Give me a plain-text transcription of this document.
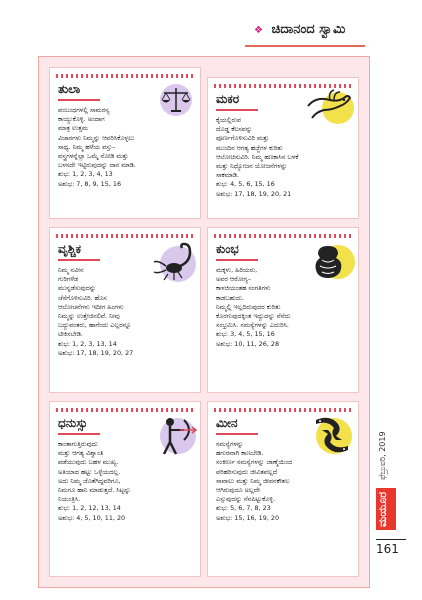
❖ ಚಿದಾನಂದ ಸ್ವಾಮಿ
ತುಲಾ

ಪಂಬಂಧಗಳಲ್ಲಿ ಸಾಮರಸ್ಯ

ಕಾಯ್ದುಕೊಳ್ಳಿ. ಅಂದಾಗ

ಮಾತ್ರ ಉತ್ತಮ

ವಿಚಾರಗಳು ನಿಮ್ಮನ್ನು ಆವರಿಸಿಕೊಳ್ಳಲು

ಸಾಧ್ಯ. ನಿಮ್ಮ ಹಳೆಯ ವಸ್ತು–

ವಸ್ತ್ರಗಳನ್ನೆಲ್ಲಾ ಒಮ್ಮೆ ನೋಡಿ ಮತ್ತು

ಬಳಸದೇ ಇಟ್ಟಿರುವುದನ್ನು ದಾನ ಮಾಡಿ.

ಶುಭ: 1, 2, 3, 4, 13

ಅಶುಭ: 7, 8, 9, 15, 16

ಮಕರ

ಕೈಯಲ್ಲಿರುವ

ದೊಡ್ಡ ಕೆಲಸವನ್ನು

ಪೂರ್ಣಗೊಳಿಸುವಿರಿ ಮತ್ತು

ಮುಂದಿನ ಆಗತ್ಯ ಹಜ್ಜೆಗಳ ಕುರಿತು

ಆಲೋಚಿಸುವಿರಿ. ನಿಮ್ಮ ಹಣಕಾಸಿನ ಬಳಕೆ

ಮತ್ತು ನಿಧ್ಯೋಜನ ಯೋಜನೆಗಳನ್ನು

ಸಾಕಮಾಡಿ.

ಶುಭ: 4, 5, 6, 15, 16

ಅಶುಭ: 17, 18, 19, 20, 21

ವೃಶ್ಚಿಕ

ನಿಮ್ಮ ನವೀನ

ಗುರಿಗಳೆಡ

ಮುನ್ನಡೆಸುವುದನ್ನು

ಚೆಸೆಗೊಳಿಸುವಿರಿ. ಹೊಸ

ಆಲೋಚನೆಗಳು ಇದೀಗ ಹಿಂಗಳು

ನಿಮ್ಮನ್ನು ಉತ್ತೇಜಿಸಲಿವೆ. ನೀವು

ಬದ್ದುವಂತರು, ಹಾಗೆಂದು ಎಲ್ಲರನ್ನೂ

ಟೀಕಿಸಬೇಡಿ.

ಶುಭ: 1, 2, 3, 13, 14

ಅಶುಭ: 17, 18, 19, 20, 27

ಕುಂಭ

ಮಕ್ಕಳು, ಹಿರಿಯರು,

ಅವರ ಆರೋಗ್ಯ–

ಕಾಳಜಿಯಂತಹ ಸಂಗತಿಗಳು

ಕಾಡಬಹುದು.

ನಿಮ್ಮಲ್ಲಿ ಇಲ್ಲದಿರುವುದರ ಕುರಿತು

ಕೊರಗುವುದಕ್ಕಿಂತ ಇದ್ದುದನ್ನು ನೆನೆದು

ಸಂಭ್ರಮಿಸಿ. ಸಮಸ್ಯೆಗಳನ್ನು ಎದುರಿಸಿ.

ಶುಭ: 3, 4, 5, 15, 16

ಅಶುಭ: 10, 11, 26, 28

ಧನುಸ್ಸು

ಕಾಂತಾಗುತ್ತಿರುವುದು

ಮತ್ತು ಆಗತ್ಯ ವಿಶ್ವಾಂತಿ

ಪಡೆಯುವುದು ಬಹಳ ಮುಖ್ಯ.

ಅತಿಯಾದ ಹಟ್ಟು ಒಳ್ಳೆಯದಲ್ಲ.

ಅದು ನಿಮ್ಮ ಜೊತೆಗಿದ್ದವರಿಗೂ,

ನಿಮಗೂ ಹಾನಿ ಮಾಡುತ್ತದೆ. ಸಿಟ್ಟನ್ನು

ನಿಯಂತ್ರಿಸಿ.

ಶುಭ: 1, 2, 12, 13, 14

ಅಶುಭ: 4, 5, 10, 11, 20

ಮೀನ

ಸಮಸ್ಯೆಗಳನ್ನು

ಹಗುರವಾಗಿ ಕಾಣಬೇಡಿ.

ಸಂಕೀರ್ಣ ಸಮಸ್ಯೆಗಳನ್ನು ಜಾಣ್ಮೆಯಿಂದ

ಪರಿಹರಿಸುವುದು ಜೀವಿತವಲ್ಲದೆ

ಸಾವಾಲು ಮತ್ತು ನಿಮ್ಮ ಜೀವನಕೌಶಲ

ಆಗಿರುವುದೂ ಅಲ್ಲದೇ

ಎಸ್ಸುವುದನ್ನು ನೆನಪಿಟ್ಟುಕೊಳ್ಳಿ.

ಶುಭ: 5, 6, 7, 8, 23

ಅಶುಭ: 15, 16, 19, 20

ಫೆಬ್ರುವರಿ, 2019
ಮಯೂರ
161
